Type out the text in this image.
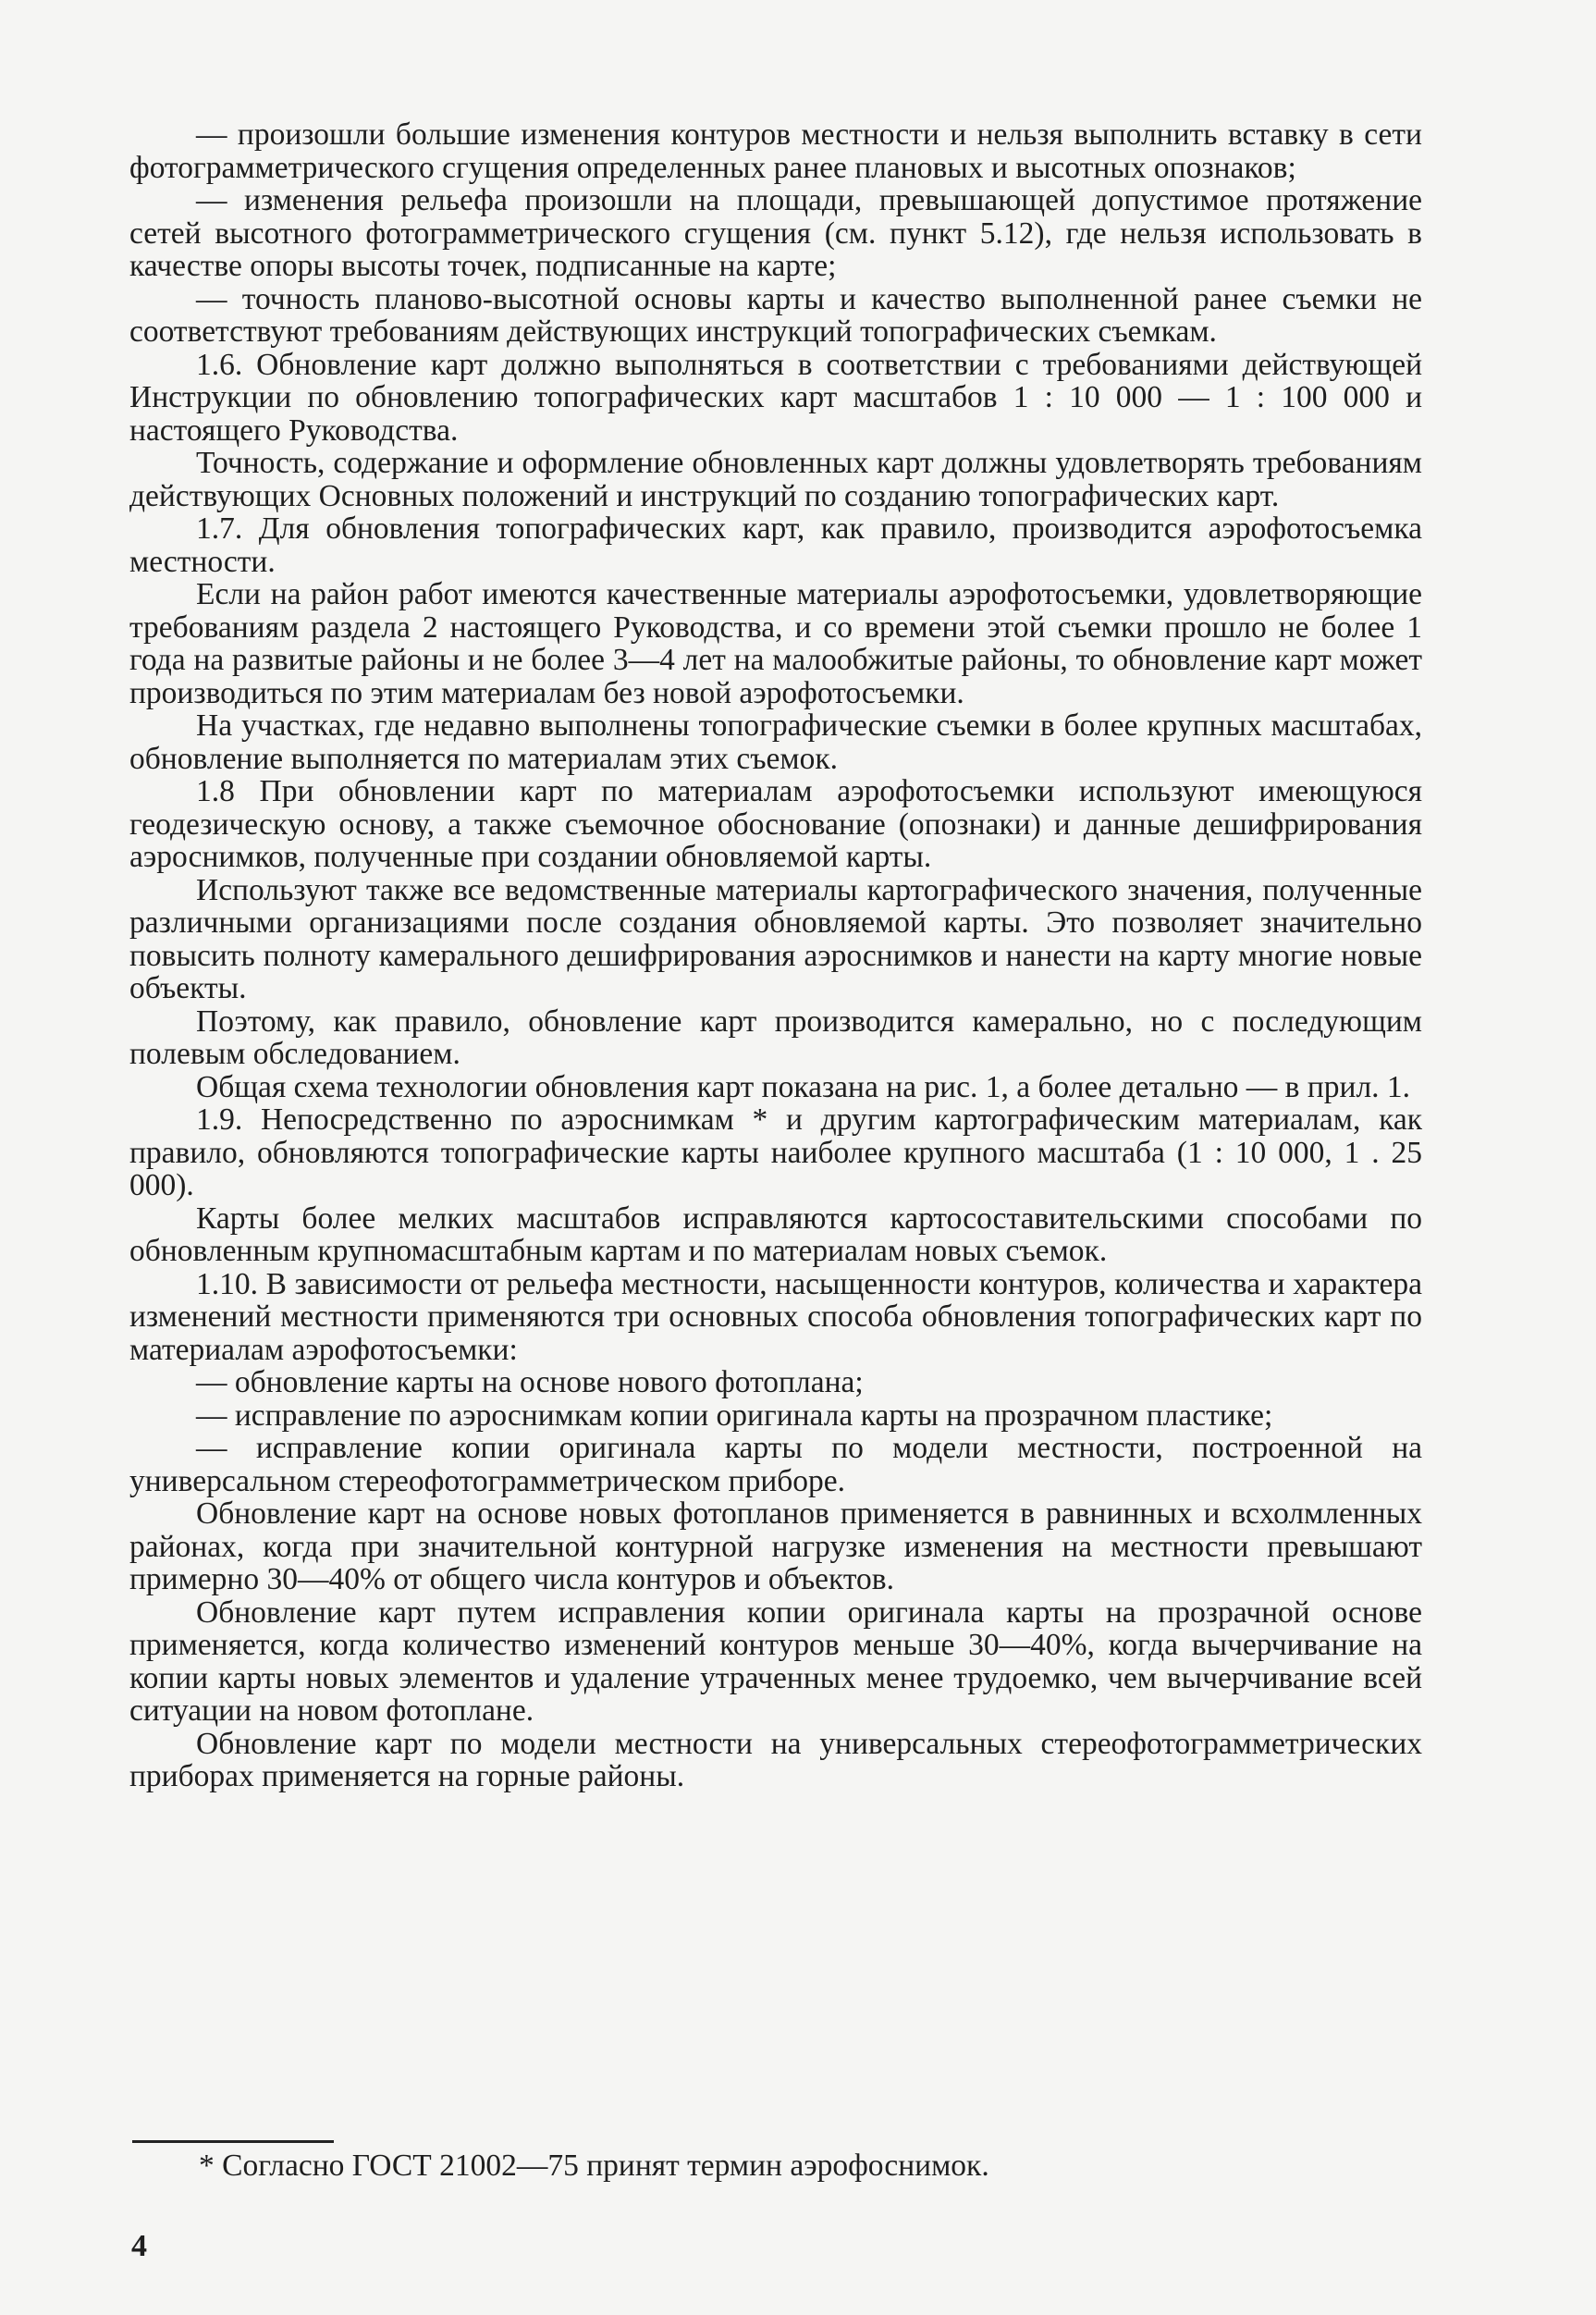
— произошли большие изменения контуров местности и нельзя выполнить вставку в сети фотограмметрического сгущения определенных ранее плановых и высотных опознаков;

— изменения рельефа произошли на площади, превышающей допустимое протяжение сетей высотного фотограмметрического сгущения (см. пункт 5.12), где нельзя использовать в качестве опоры высоты точек, подписанные на карте;

— точность планово-высотной основы карты и качество выполненной ранее съемки не соответствуют требованиям действующих инструкций топографических съемкам.

1.6. Обновление карт должно выполняться в соответствии с требованиями действующей Инструкции по обновлению топографических карт масштабов 1 : 10 000 — 1 : 100 000 и настоящего Руководства.

Точность, содержание и оформление обновленных карт должны удовлетворять требованиям действующих Основных положений и инструкций по созданию топографических карт.

1.7. Для обновления топографических карт, как правило, производится аэрофотосъемка местности.

Если на район работ имеются качественные материалы аэрофотосъемки, удовлетворяющие требованиям раздела 2 настоящего Руководства, и со времени этой съемки прошло не более 1 года на развитые районы и не более 3—4 лет на малообжитые районы, то обновление карт может производиться по этим материалам без новой аэрофотосъемки.

На участках, где недавно выполнены топографические съемки в более крупных масштабах, обновление выполняется по материалам этих съемок.

1.8 При обновлении карт по материалам аэрофотосъемки используют имеющуюся геодезическую основу, а также съемочное обоснование (опознаки) и данные дешифрирования аэроснимков, полученные при создании обновляемой карты.

Используют также все ведомственные материалы картографического значения, полученные различными организациями после создания обновляемой карты. Это позволяет значительно повысить полноту камерального дешифрирования аэроснимков и нанести на карту многие новые объекты.

Поэтому, как правило, обновление карт производится камерально, но с последующим полевым обследованием.

Общая схема технологии обновления карт показана на рис. 1, а более детально — в прил. 1.

1.9. Непосредственно по аэроснимкам * и другим картографическим материалам, как правило, обновляются топографические карты наиболее крупного масштаба (1 : 10 000, 1 . 25 000).

Карты более мелких масштабов исправляются картосоставительскими способами по обновленным крупномасштабным картам и по материалам новых съемок.

1.10. В зависимости от рельефа местности, насыщенности контуров, количества и характера изменений местности применяются три основных способа обновления топографических карт по материалам аэрофотосъемки:

— обновление карты на основе нового фотоплана;

— исправление по аэроснимкам копии оригинала карты на прозрачном пластике;

— исправление копии оригинала карты по модели местности, построенной на универсальном стереофотограмметрическом приборе.

Обновление карт на основе новых фотопланов применяется в равнинных и всхолмленных районах, когда при значительной контурной нагрузке изменения на местности превышают примерно 30—40% от общего числа контуров и объектов.

Обновление карт путем исправления копии оригинала карты на прозрачной основе применяется, когда количество изменений контуров меньше 30—40%, когда вычерчивание на копии карты новых элементов и удаление утраченных менее трудоемко, чем вычерчивание всей ситуации на новом фотоплане.

Обновление карт по модели местности на универсальных стереофотограмметрических приборах применяется на горные районы.

* Согласно ГОСТ 21002—75 принят термин аэрофоснимок.
4
